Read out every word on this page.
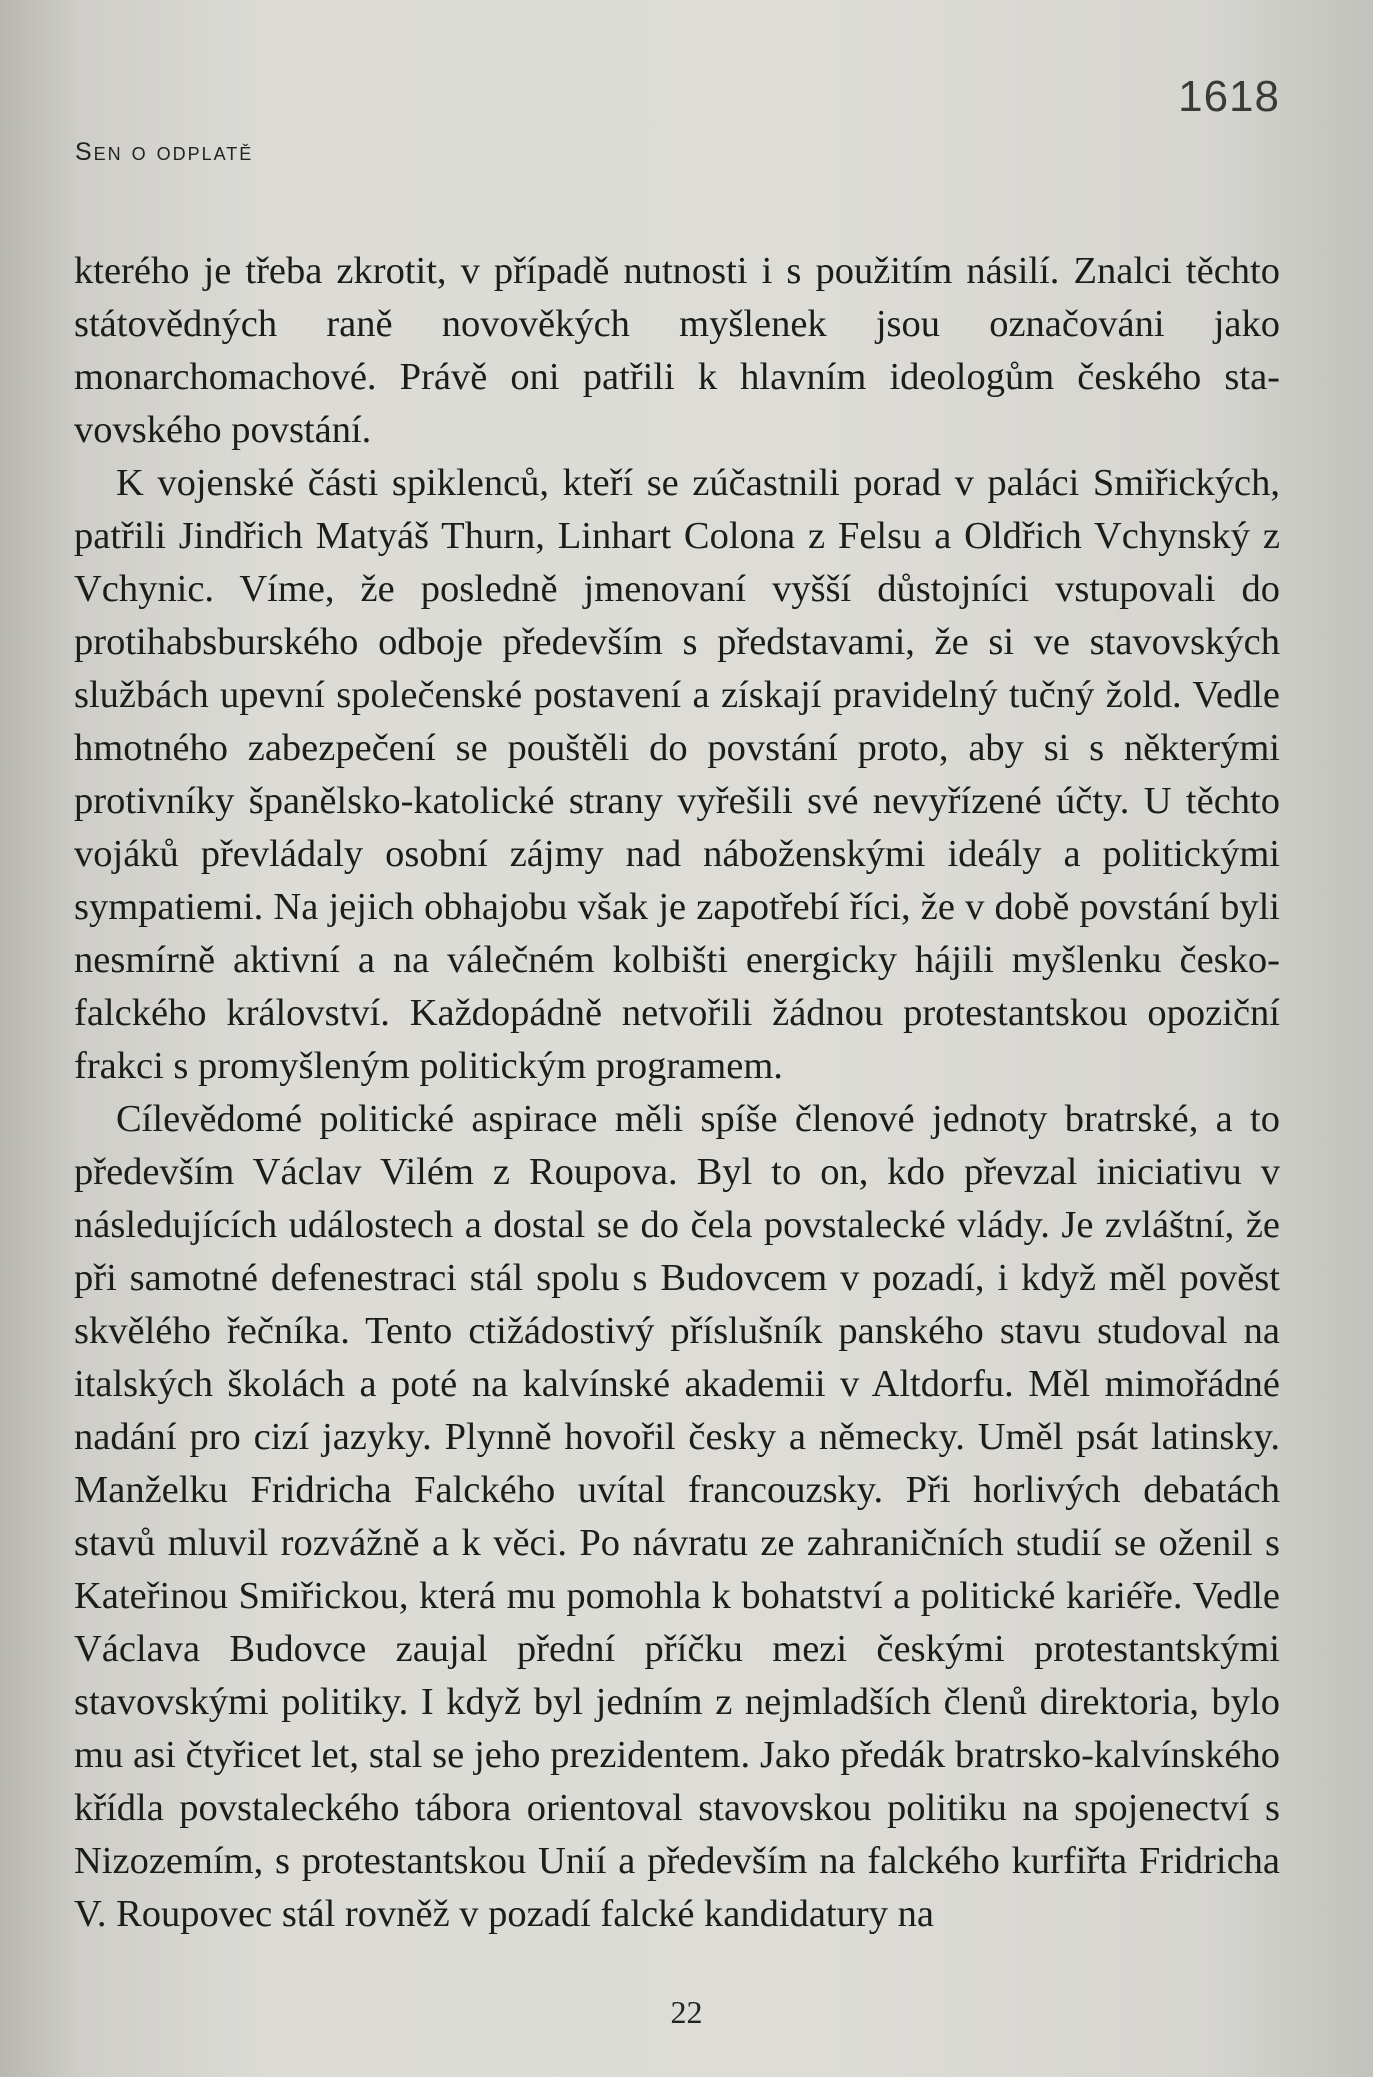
Sen o odplatě
1618

kterého je třeba zkrotit, v případě nutnosti i s použitím násilí. Znalci těchto státovědných raně novověkých myšlenek jsou označováni jako monarchomachové. Právě oni patřili k hlavním ideologům českého stavovského povstání.

K vojenské části spiklenců, kteří se zúčastnili porad v paláci Smiřických, patřili Jindřich Matyáš Thurn, Linhart Colona z Felsu a Oldřich Vchynský z Vchynic. Víme, že posledně jmenovaní vyšší důstojníci vstupovali do protihabsburského odboje především s představami, že si ve stavovských službách upevní společenské postavení a získají pravidelný tučný žold. Vedle hmotného zabezpečení se pouštěli do povstání proto, aby si s některými protivníky španělsko-katolické strany vyřešili své nevyřízené účty. U těchto vojáků převládaly osobní zájmy nad náboženskými ideály a politickými sympatiemi. Na jejich obhajobu však je zapotřebí říci, že v době povstání byli nesmírně aktivní a na válečném kolbišti energicky hájili myšlenku česko-falckého království. Každopádně netvořili žádnou protestantskou opoziční frakci s promyšleným politickým programem.

Cílevědomé politické aspirace měli spíše členové jednoty bratrské, a to především Václav Vilém z Roupova. Byl to on, kdo převzal iniciativu v následujících událostech a dostal se do čela povstalecké vlády. Je zvláštní, že při samotné defenestraci stál spolu s Budovcem v pozadí, i když měl pověst skvělého řečníka. Tento ctižádostivý příslušník panského stavu studoval na italských školách a poté na kalvínské akademii v Altdorfu. Měl mimořádné nadání pro cizí jazyky. Plynně hovořil česky a německy. Uměl psát latinsky. Manželku Fridricha Falckého uvítal francouzsky. Při horlivých debatách stavů mluvil rozvážně a k věci. Po návratu ze zahraničních studií se oženil s Kateřinou Smiřickou, která mu pomohla k bohatství a politické kariéře. Vedle Václava Budovce zaujal přední příčku mezi českými protestantskými stavovskými politiky. I když byl jedním z nejmladších členů direktoria, bylo mu asi čtyřicet let, stal se jeho prezidentem. Jako předák bratrsko-kalvínského křídla povstaleckého tábora orientoval stavovskou politiku na spojenectví s Nizozemím, s protestantskou Unií a především na falckého kurfiřta Fridricha V. Roupovec stál rovněž v pozadí falcké kandidatury na

22
